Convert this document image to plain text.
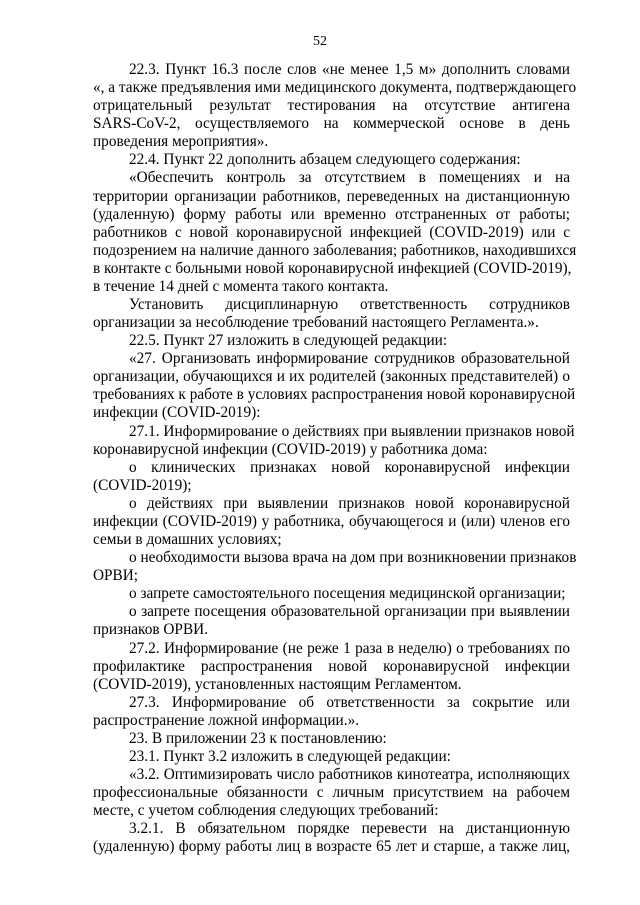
52
22.3. Пункт 16.3 после слов «не менее 1,5 м» дополнить словами
«, а также предъявления ими медицинского документа, подтверждающего
отрицательный результат тестирования на отсутствие антигена
SARS-CoV-2, осуществляемого на коммерческой основе в день
проведения мероприятия».
22.4. Пункт 22 дополнить абзацем следующего содержания:
«Обеспечить контроль за отсутствием в помещениях и на
территории организации работников, переведенных на дистанционную
(удаленную) форму работы или временно отстраненных от работы;
работников с новой коронавирусной инфекцией (COVID-2019) или с
подозрением на наличие данного заболевания; работников, находившихся
в контакте с больными новой коронавирусной инфекцией (COVID-2019),
в течение 14 дней с момента такого контакта.
Установить дисциплинарную ответственность сотрудников
организации за несоблюдение требований настоящего Регламента.».
22.5. Пункт 27 изложить в следующей редакции:
«27. Организовать информирование сотрудников образовательной
организации, обучающихся и их родителей (законных представителей) о
требованиях к работе в условиях распространения новой коронавирусной
инфекции (COVID-2019):
27.1. Информирование о действиях при выявлении признаков новой
коронавирусной инфекции (COVID-2019) у работника дома:
о клинических признаках новой коронавирусной инфекции
(COVID-2019);
о действиях при выявлении признаков новой коронавирусной
инфекции (COVID-2019) у работника, обучающегося и (или) членов его
семьи в домашних условиях;
о необходимости вызова врача на дом при возникновении признаков
ОРВИ;
о запрете самостоятельного посещения медицинской организации;
о запрете посещения образовательной организации при выявлении
признаков ОРВИ.
27.2. Информирование (не реже 1 раза в неделю) о требованиях по
профилактике распространения новой коронавирусной инфекции
(COVID-2019), установленных настоящим Регламентом.
27.3. Информирование об ответственности за сокрытие или
распространение ложной информации.».
23. В приложении 23 к постановлению:
23.1. Пункт 3.2 изложить в следующей редакции:
«3.2. Оптимизировать число работников кинотеатра, исполняющих
профессиональные обязанности с личным присутствием на рабочем
месте, с учетом соблюдения следующих требований:
3.2.1. В обязательном порядке перевести на дистанционную
(удаленную) форму работы лиц в возрасте 65 лет и старше, а также лиц,
